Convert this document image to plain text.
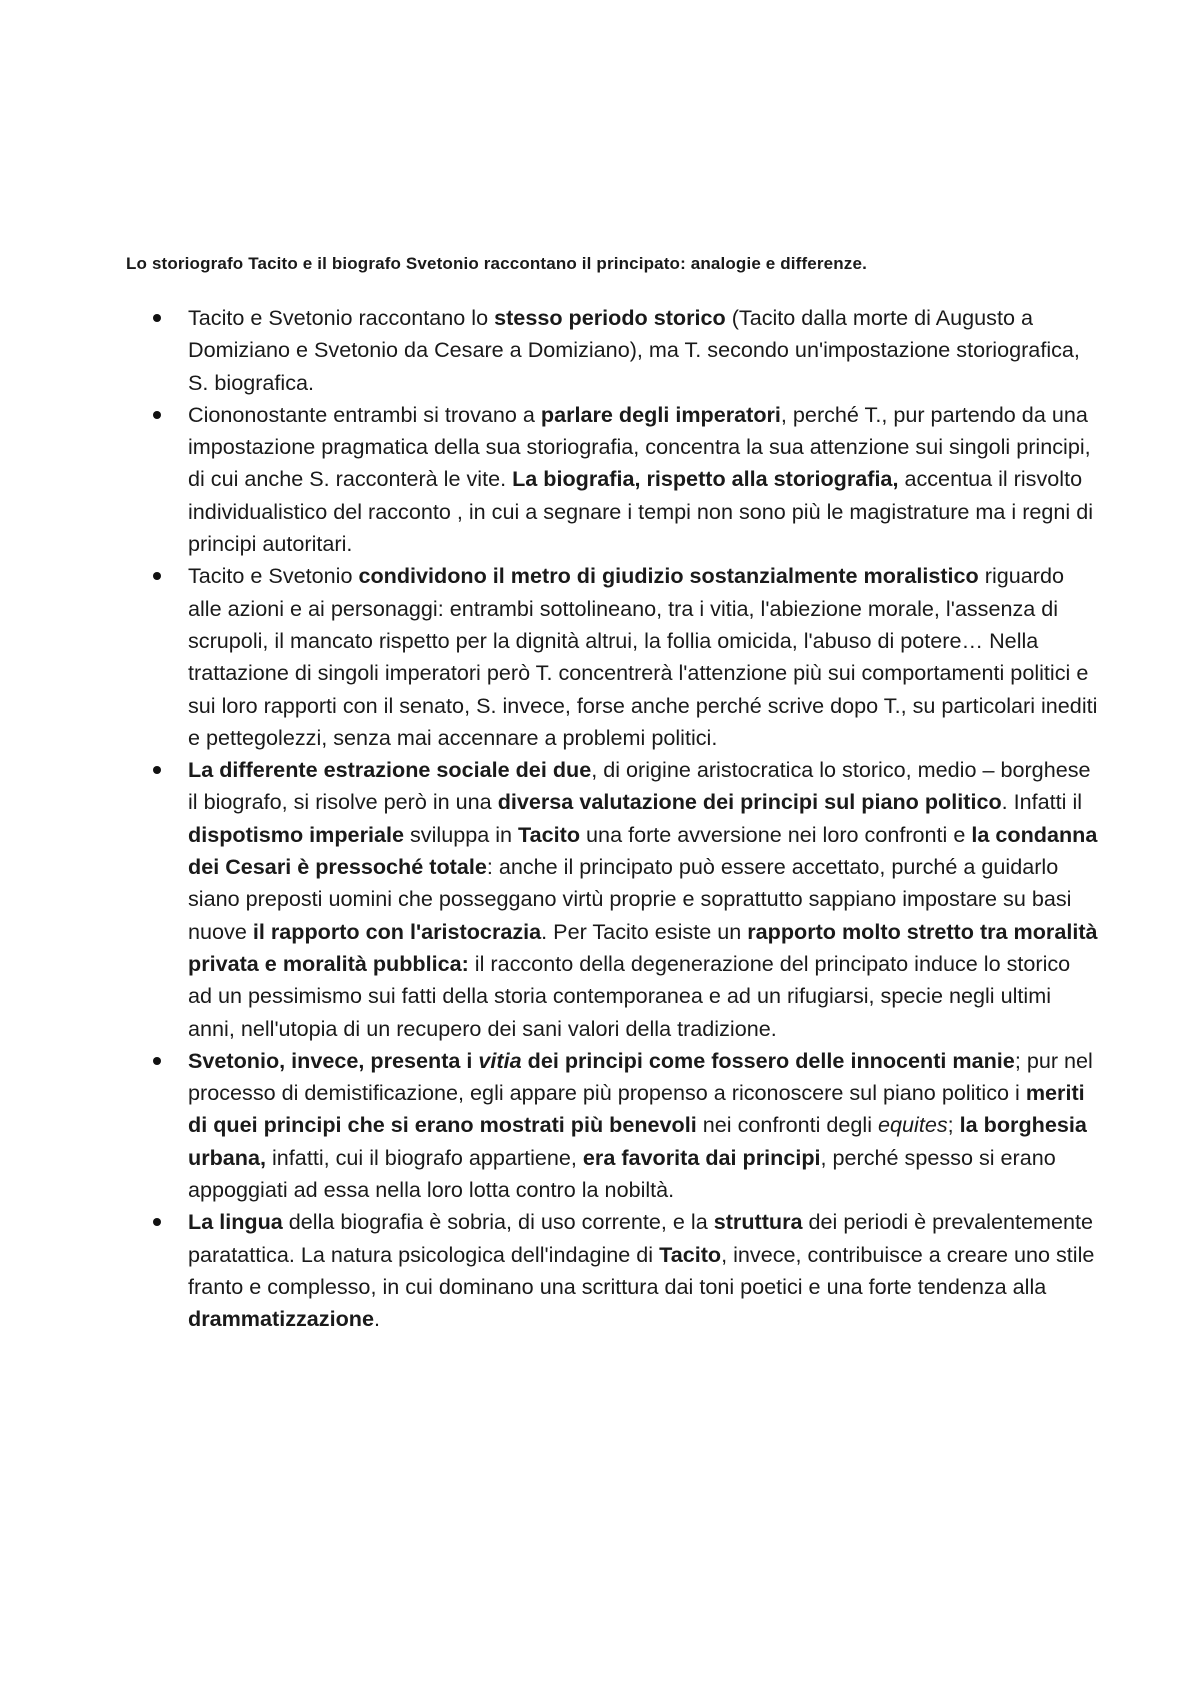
Lo storiografo Tacito e il biografo Svetonio raccontano il principato: analogie e differenze.
Tacito e Svetonio raccontano lo stesso periodo storico (Tacito dalla morte di Augusto a Domiziano e Svetonio da Cesare a Domiziano), ma T. secondo un'impostazione storiografica, S. biografica.
Ciononostante entrambi si trovano a parlare degli imperatori, perché T., pur partendo da una impostazione pragmatica della sua storiografia, concentra la sua attenzione sui singoli principi, di cui anche S. racconterà le vite. La biografia, rispetto alla storiografia, accentua il risvolto individualistico del racconto , in cui a segnare i tempi non sono più le magistrature ma i regni di principi autoritari.
Tacito e Svetonio condividono il metro di giudizio sostanzialmente moralistico riguardo alle azioni e ai personaggi: entrambi sottolineano, tra i vitia, l'abiezione morale, l'assenza di scrupoli, il mancato rispetto per la dignità altrui, la follia omicida, l'abuso di potere… Nella trattazione di singoli imperatori però T. concentrerà l'attenzione più sui comportamenti politici e sui loro rapporti con il senato, S. invece, forse anche perché scrive dopo T., su particolari inediti e pettegolezzi, senza mai accennare a problemi politici.
La differente estrazione sociale dei due, di origine aristocratica lo storico, medio – borghese il biografo, si risolve però in una diversa valutazione dei principi sul piano politico. Infatti il dispotismo imperiale sviluppa in Tacito una forte avversione nei loro confronti e la condanna dei Cesari è pressoché totale: anche il principato può essere accettato, purché a guidarlo siano preposti uomini che posseggano virtù proprie e soprattutto sappiano impostare su basi nuove il rapporto con l'aristocrazia. Per Tacito esiste un rapporto molto stretto tra moralità privata e moralità pubblica: il racconto della degenerazione del principato induce lo storico ad un pessimismo sui fatti della storia contemporanea e ad un rifugiarsi, specie negli ultimi anni, nell'utopia di un recupero dei sani valori della tradizione.
Svetonio, invece, presenta i vitia dei principi come fossero delle innocenti manie; pur nel processo di demistificazione, egli appare più propenso a riconoscere sul piano politico i meriti di quei principi che si erano mostrati più benevoli nei confronti degli equites; la borghesia urbana, infatti, cui il biografo appartiene, era favorita dai principi, perché spesso si erano appoggiati ad essa nella loro lotta contro la nobiltà.
La lingua della biografia è sobria, di uso corrente, e la struttura dei periodi è prevalentemente paratattica. La natura psicologica dell'indagine di Tacito, invece, contribuisce a creare uno stile franto e complesso, in cui dominano una scrittura dai toni poetici e una forte tendenza alla drammatizzazione.
